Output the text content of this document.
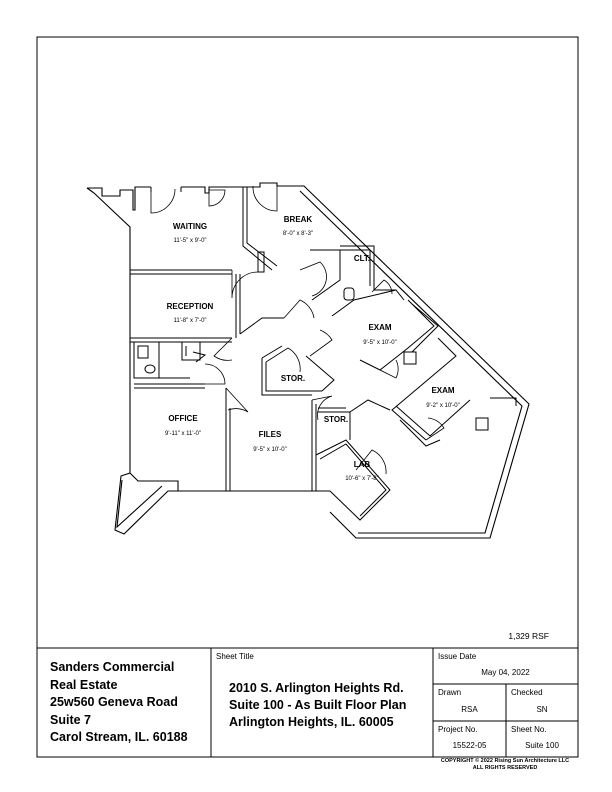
WAITING
11'-5" x 9'-0"
BREAK
8'-0" x 8'-3"
CLT.
RECEPTION
11'-8" x 7'-0"
EXAM
9'-5" x 10'-0"
EXAM
9'-2" x 10'-0"
STOR.
STOR.
OFFICE
9'-11" x 11'-0"	FILES
9'-5" x 10'-0"
LAB
10'-6" x 7'-8"
1,329 RSF
Sanders Commercial
Real Estate
25w560 Geneva Road
Suite 7
Carol Stream, IL. 60188
Sheet Title
2010 S. Arlington Heights Rd.
Suite 100 - As Built Floor Plan
Arlington Heights, IL. 60005
Issue Date
May 04, 2022
Drawn
RSA
Checked
SN
Project No.
15522-05
Sheet No.
Suite 100
COPYRIGHT © 2022 Rising Sun Architecture LLC
ALL RIGHTS RESERVED
